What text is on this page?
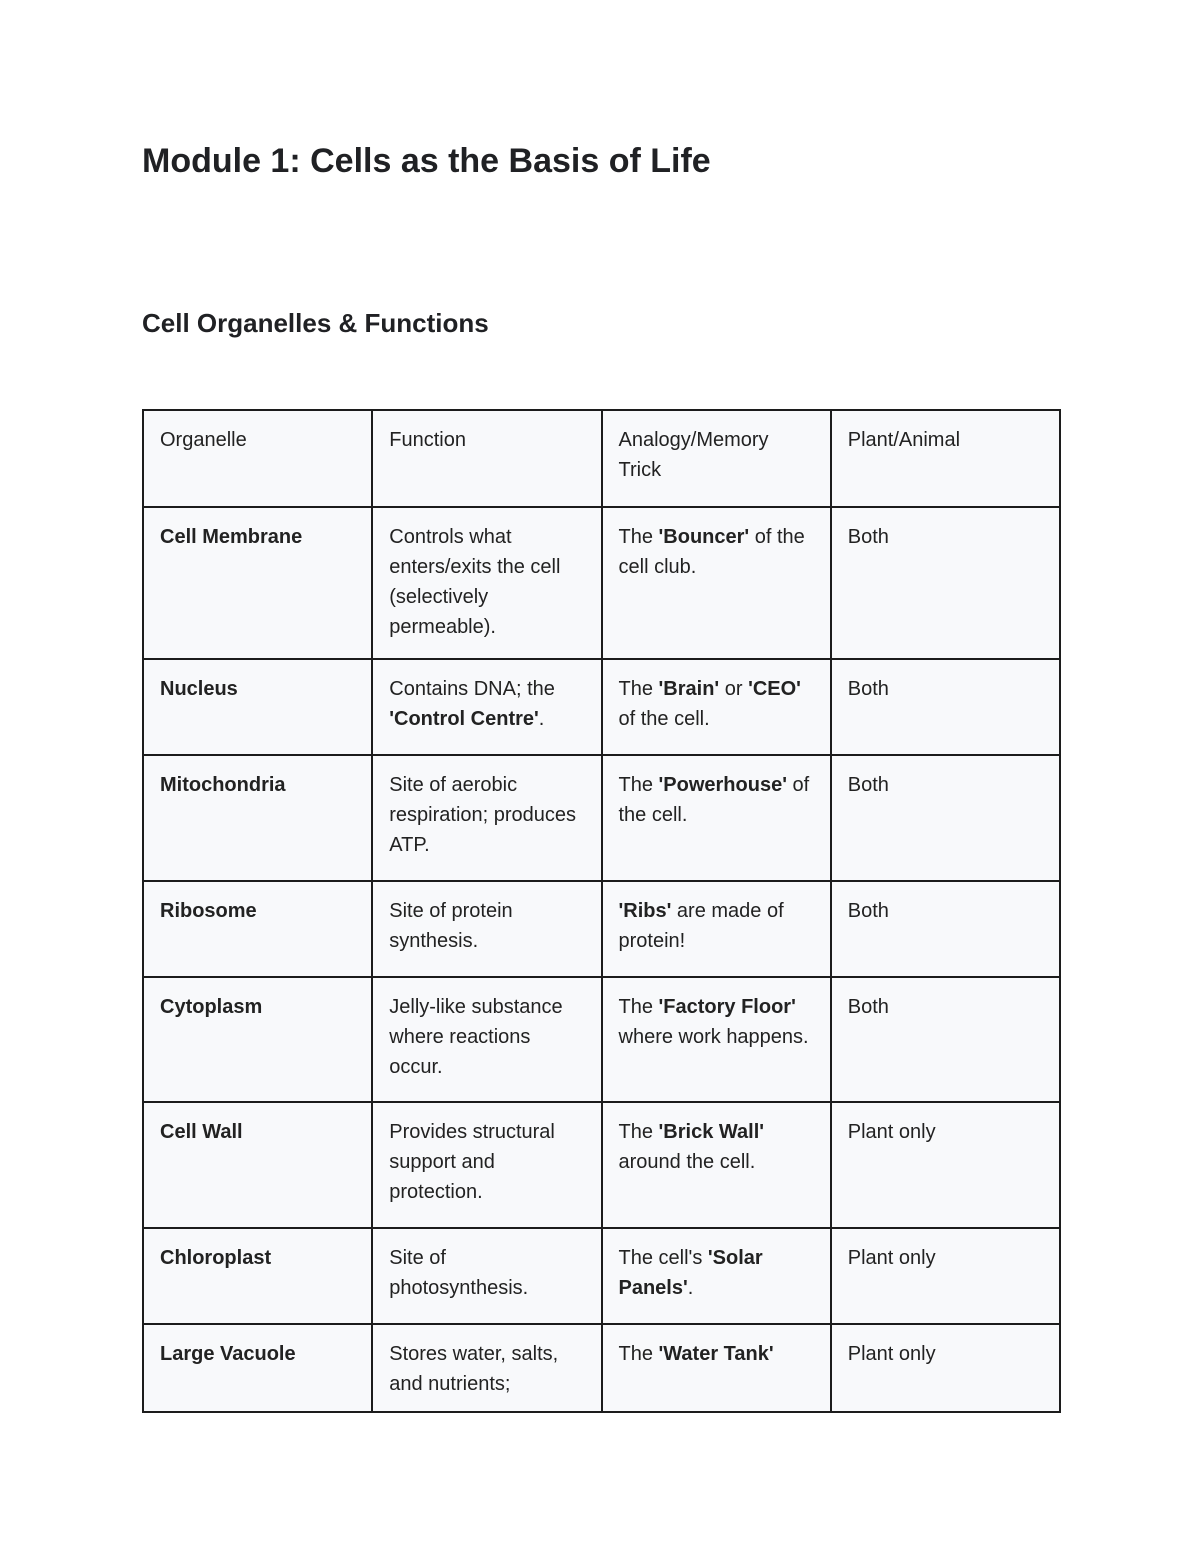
Module 1: Cells as the Basis of Life
Cell Organelles & Functions
Organelle	Function	Analogy/Memory Trick	Plant/Animal
Cell Membrane	Controls what enters/exits the cell (selectively permeable).	The 'Bouncer' of the cell club.	Both
Nucleus	Contains DNA; the 'Control Centre'.	The 'Brain' or 'CEO' of the cell.	Both
Mitochondria	Site of aerobic respiration; produces ATP.	The 'Powerhouse' of the cell.	Both
Ribosome	Site of protein synthesis.	'Ribs' are made of protein!	Both
Cytoplasm	Jelly-like substance where reactions occur.	The 'Factory Floor' where work happens.	Both
Cell Wall	Provides structural support and protection.	The 'Brick Wall' around the cell.	Plant only
Chloroplast	Site of photosynthesis.	The cell's 'Solar Panels'.	Plant only
Large Vacuole	Stores water, salts, and nutrients;	The 'Water Tank'	Plant only
